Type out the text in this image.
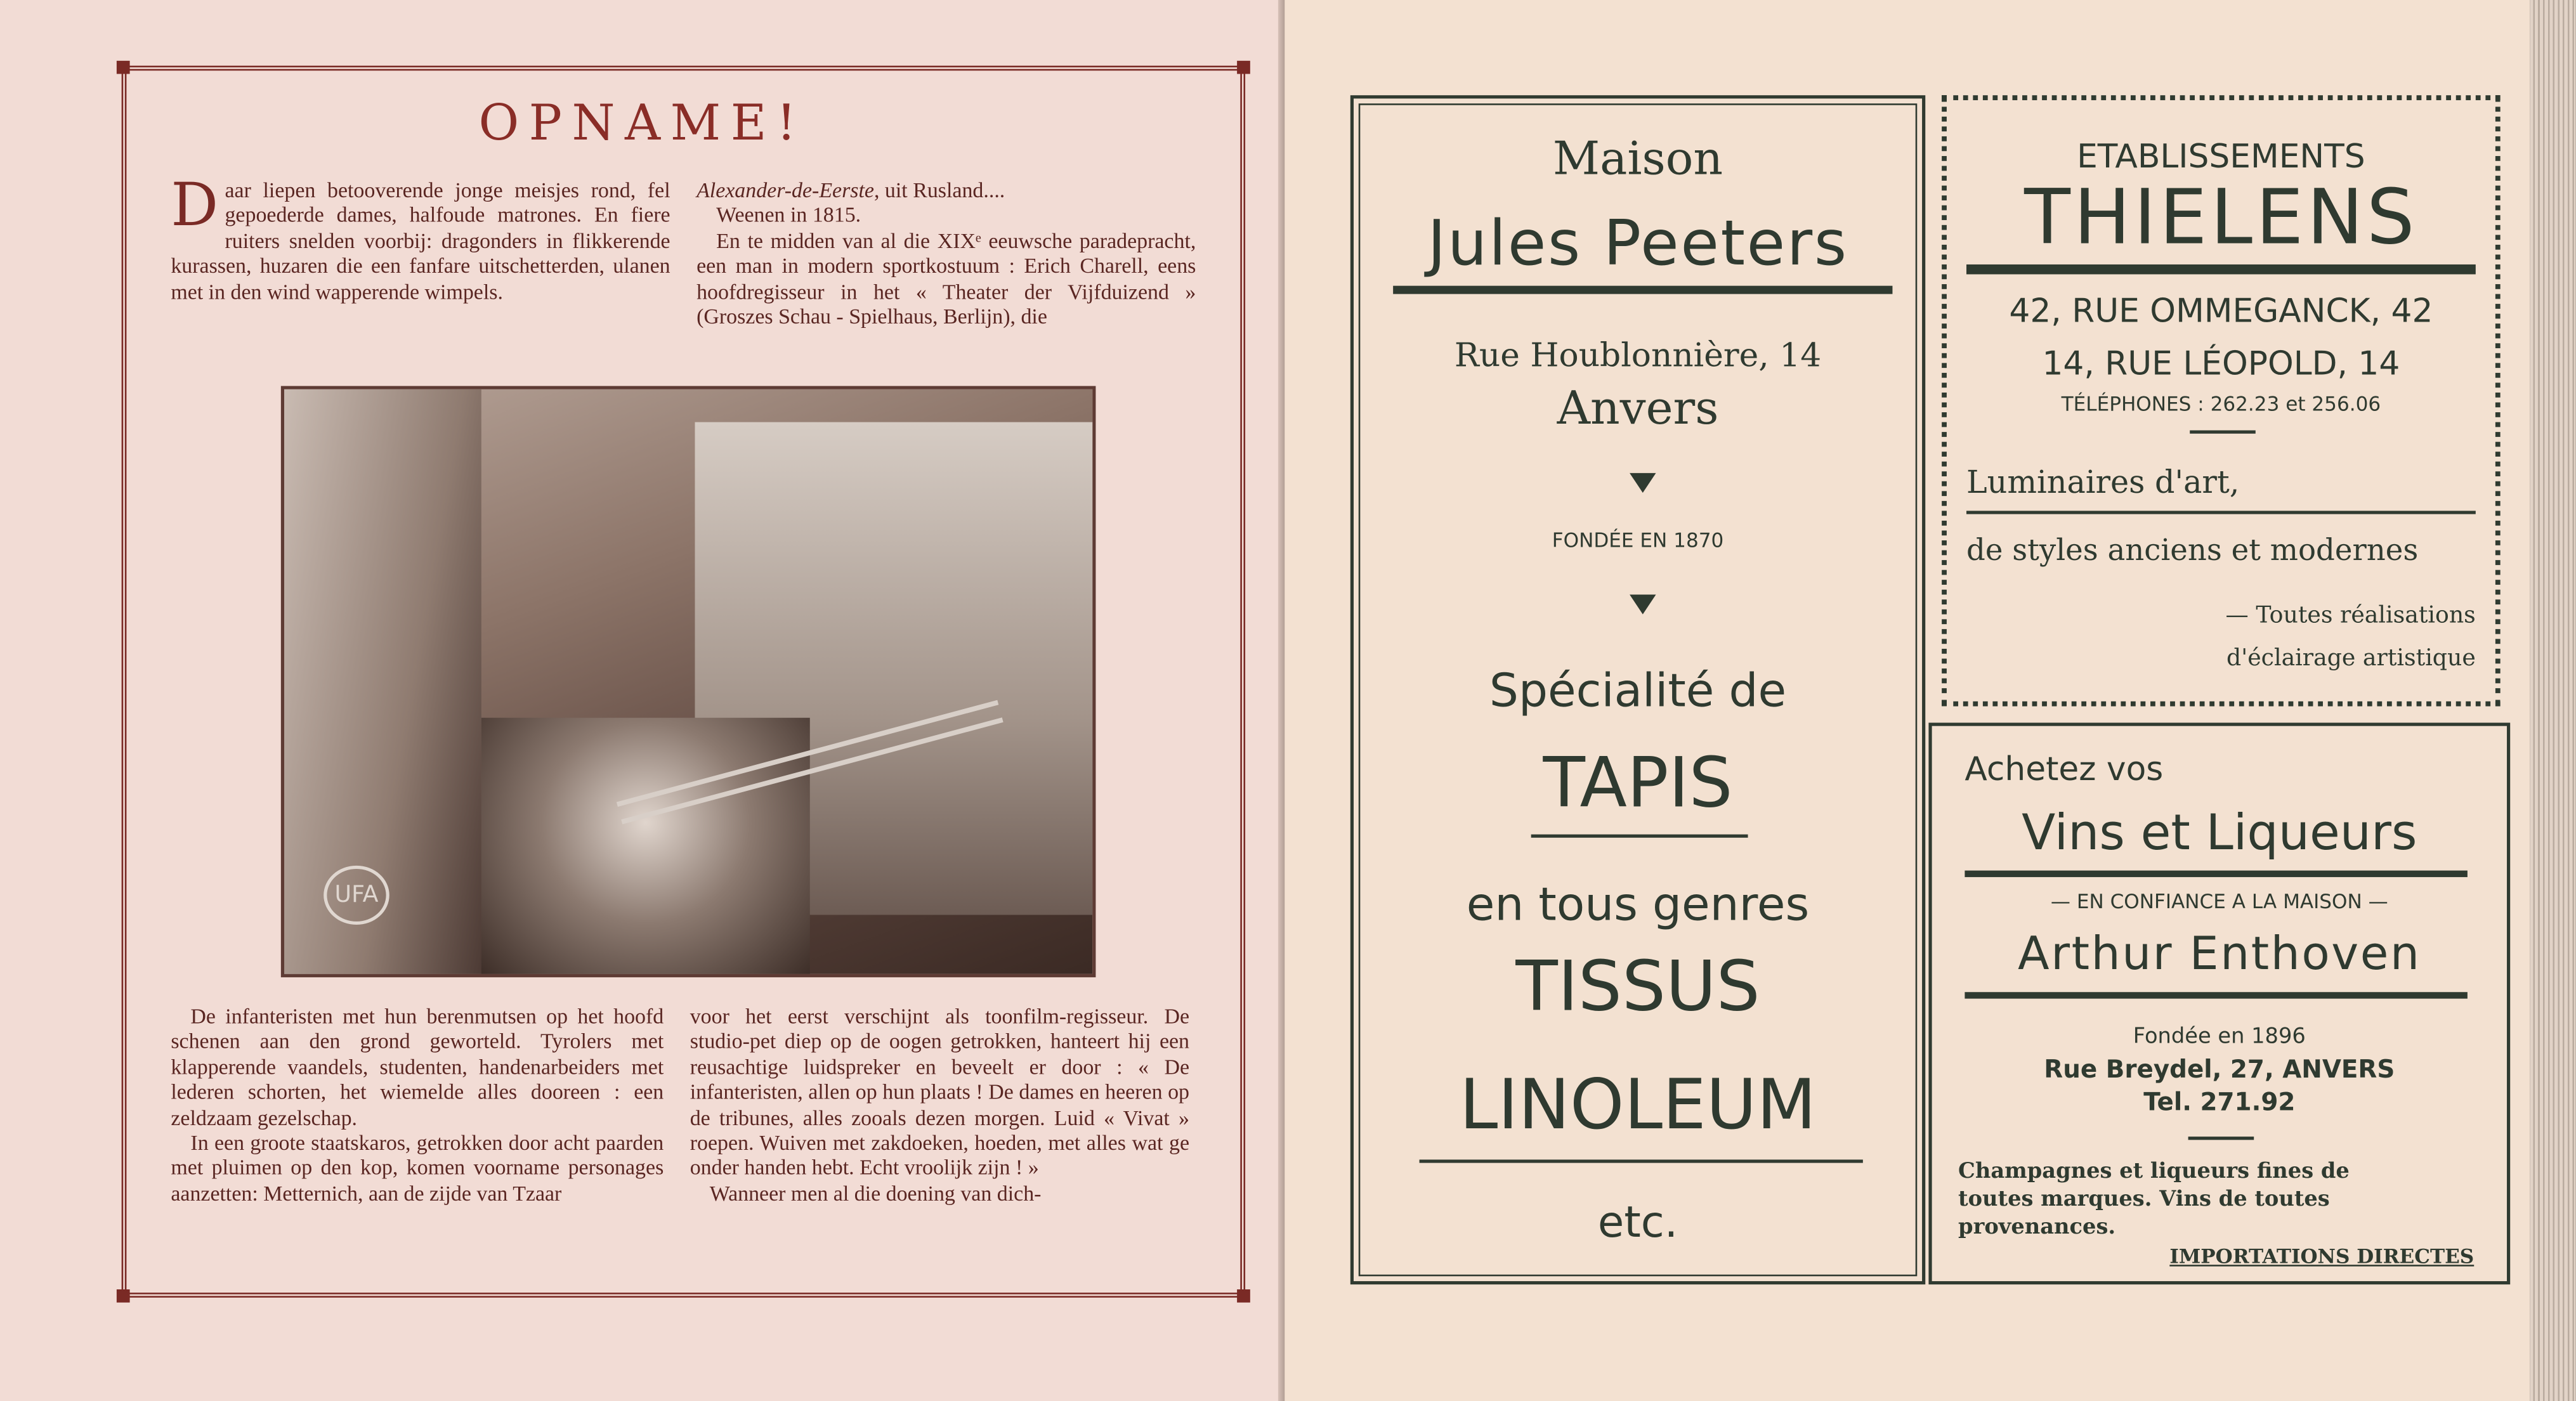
OPNAME!

Daar liepen betooverende jonge meisjes rond, fel gepoederde dames, halfoude matrones. En fiere ruiters snelden voorbij: dragonders in flikkerende kurassen, huzaren die een fanfare uitschetterden, ulanen met in den wind wapperende wimpels.

Alexander-de-Eerste, uit Rusland....

Weenen in 1815.

En te midden van al die XIXᵉ eeuwsche paradepracht, een man in modern sportkostuum : Erich Charell, eens hoofdregisseur in het « Theater der Vijfduizend » (Groszes Schau - Spielhaus, Berlijn), die

UFA

De infanteristen met hun berenmutsen op het hoofd schenen aan den grond geworteld. Tyrolers met klapperende vaandels, studenten, handenarbeiders met lederen schorten, het wiemelde alles dooreen : een zeldzaam gezelschap.

In een groote staatskaros, getrokken door acht paarden met pluimen op den kop, komen voorname personages aanzetten: Metternich, aan de zijde van Tzaar

voor het eerst verschijnt als toonfilm-regisseur. De studio-pet diep op de oogen getrokken, hanteert hij een reusachtige luidspreker en beveelt er door : « De infanteristen, allen op hun plaats ! De dames en heeren op de tribunes, alles zooals dezen morgen. Luid « Vivat » roepen. Wuiven met zakdoeken, hoeden, met alles wat ge onder handen hebt. Echt vroolijk zijn ! »

Wanneer men al die doening van dich-

Maison
Jules Peeters
Rue Houblonnière, 14
Anvers
FONDÉE EN 1870
Spécialité de
TAPIS
en tous genres
TISSUS
LINOLEUM
etc.
ETABLISSEMENTS
THIELENS
42, RUE OMMEGANCK, 42
14, RUE LÉOPOLD, 14
TÉLÉPHONES : 262.23 et 256.06
Luminaires d'art,
de styles anciens et modernes
— Toutes réalisations
d'éclairage artistique
Achetez vos
Vins et Liqueurs
— EN CONFIANCE A LA MAISON —
Arthur Enthoven
Fondée en 1896
Rue Breydel, 27, ANVERS
Tel. 271.92
Champagnes et liqueurs fines de
toutes marques. Vins de toutes
provenances.
IMPORTATIONS DIRECTES
